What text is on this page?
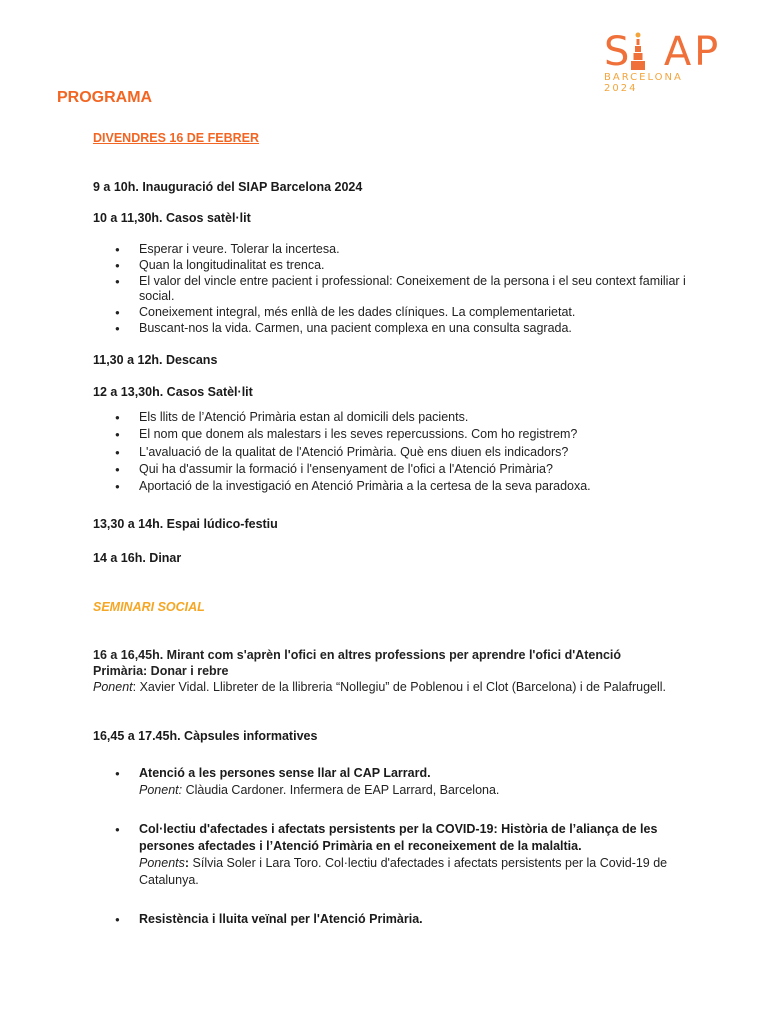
S  AP
BARCELONA 2024

PROGRAMA

DIVENDRES 16 DE FEBRER

9 a 10h. Inauguració del SIAP Barcelona 2024

10 a 11,30h. Casos satèl·lit

● Esperar i veure. Tolerar la incertesa.
● Quan la longitudinalitat es trenca.
● El valor del vincle entre pacient i professional: Coneixement de la persona i el seu context familiar i social.
● Coneixement integral, més enllà de les dades clíniques. La complementarietat.
● Buscant-nos la vida. Carmen, una pacient complexa en una consulta sagrada.

11,30 a 12h. Descans

12 a 13,30h. Casos Satèl·lit

● Els llits de l’Atenció Primària estan al domicili dels pacients.
● El nom que donem als malestars i les seves repercussions. Com ho registrem?
● L'avaluació de la qualitat de l'Atenció Primària. Què ens diuen els indicadors?
● Qui ha d'assumir la formació i l'ensenyament de l'ofici a l'Atenció Primària?
● Aportació de la investigació en Atenció Primària a la certesa de la seva paradoxa.

13,30 a 14h. Espai lúdico-festiu

14 a 16h. Dinar

SEMINARI SOCIAL

16 a 16,45h. Mirant com s'aprèn l'ofici en altres professions per aprendre l'ofici d'Atenció Primària: Donar i rebre
Ponent: Xavier Vidal. Llibreter de la llibreria “Nollegiu” de Poblenou i el Clot (Barcelona) i de Palafrugell.

16,45 a 17.45h. Càpsules informatives

● Atenció a les persones sense llar al CAP Larrard.
Ponent: Clàudia Cardoner. Infermera de EAP Larrard, Barcelona.
● Col·lectiu d'afectades i afectats persistents per la COVID-19: Història de l’aliança de les persones afectades i l’Atenció Primària en el reconeixement de la malaltia.
Ponents: Sílvia Soler i Lara Toro. Col·lectiu d'afectades i afectats persistents per la Covid-19 de Catalunya.
● Resistència i lluita veïnal per l'Atenció Primària.
